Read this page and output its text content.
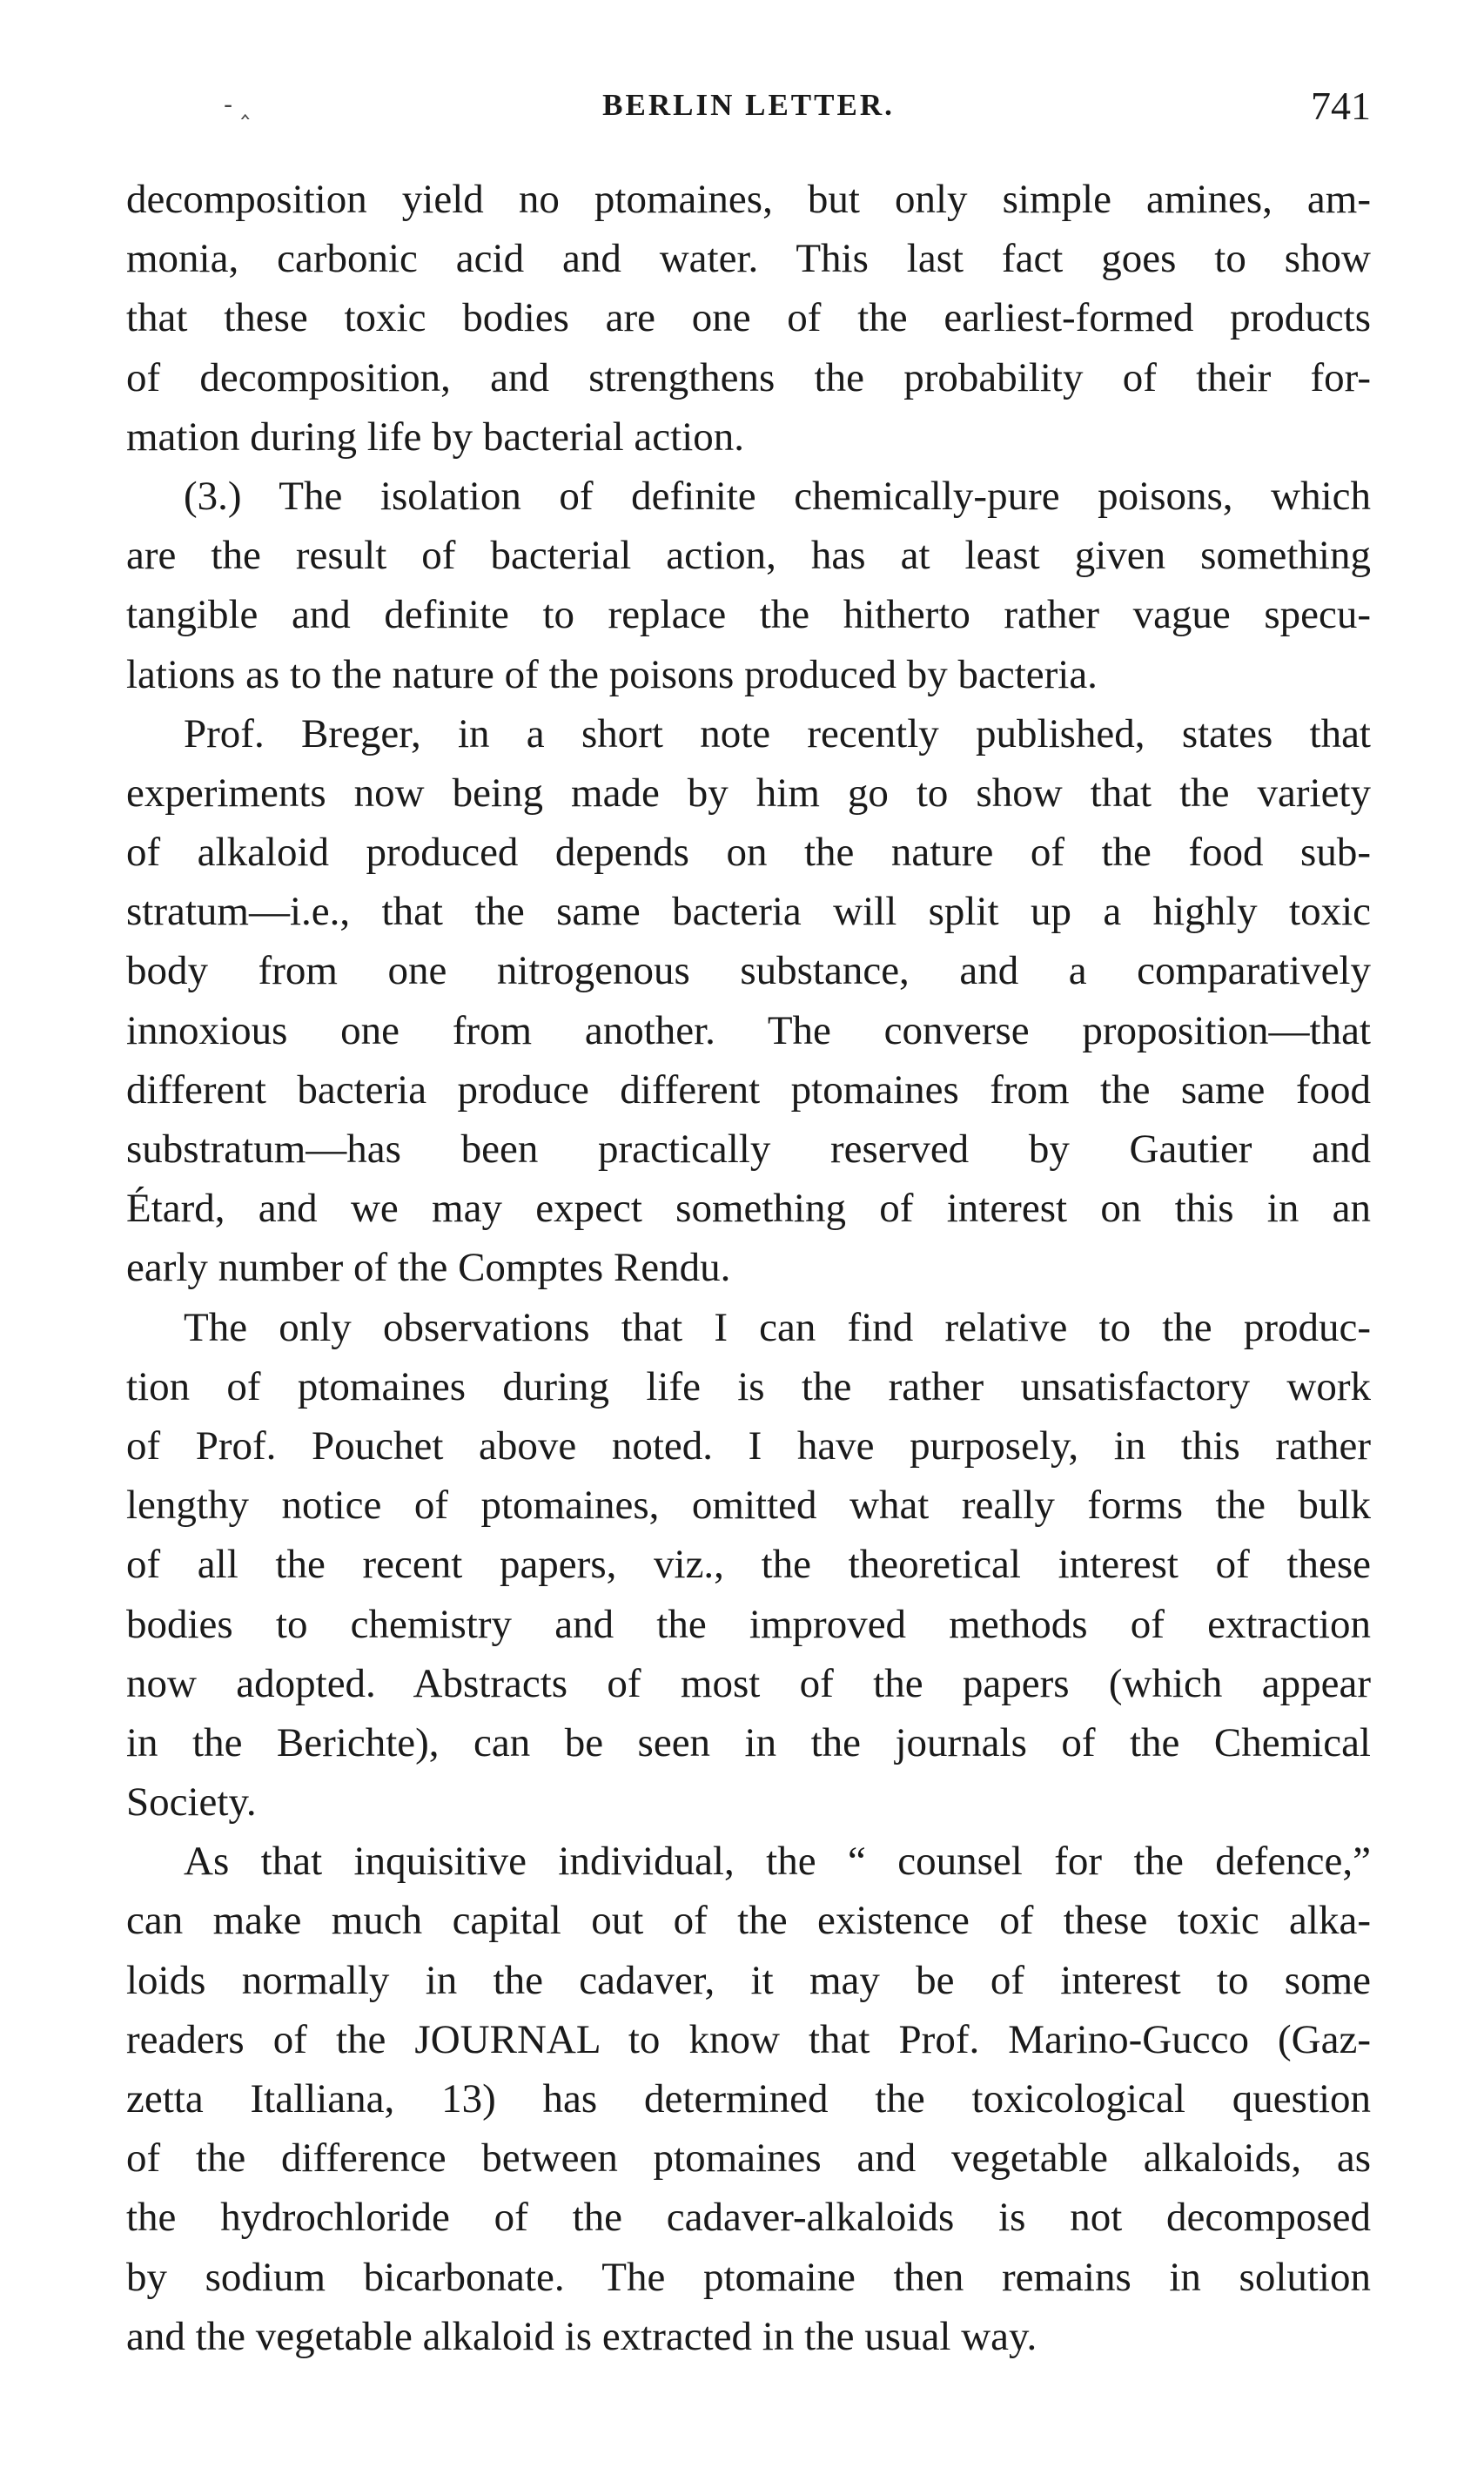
- ‸	BERLIN LETTER.	741
decomposition yield no ptomaines, but only simple amines, am-
monia, carbonic acid and water. This last fact goes to show
that these toxic bodies are one of the earliest-formed products
of decomposition, and strengthens the probability of their for-
mation during life by bacterial action.
(3.) The isolation of definite chemically-pure poisons, which
are the result of bacterial action, has at least given something
tangible and definite to replace the hitherto rather vague specu-
lations as to the nature of the poisons produced by bacteria.
Prof. Breger, in a short note recently published, states that
experiments now being made by him go to show that the variety
of alkaloid produced depends on the nature of the food sub-
stratum—i.e., that the same bacteria will split up a highly toxic
body from one nitrogenous substance, and a comparatively
innoxious one from another. The converse proposition—that
different bacteria produce different ptomaines from the same food
substratum—has been practically reserved by Gautier and
Étard, and we may expect something of interest on this in an
early number of the Comptes Rendu.
The only observations that I can find relative to the produc-
tion of ptomaines during life is the rather unsatisfactory work
of Prof. Pouchet above noted. I have purposely, in this rather
lengthy notice of ptomaines, omitted what really forms the bulk
of all the recent papers, viz., the theoretical interest of these
bodies to chemistry and the improved methods of extraction
now adopted. Abstracts of most of the papers (which appear
in the Berichte), can be seen in the journals of the Chemical
Society.
As that inquisitive individual, the “ counsel for the defence,”
can make much capital out of the existence of these toxic alka-
loids normally in the cadaver, it may be of interest to some
readers of the JOURNAL to know that Prof. Marino-Gucco (Gaz-
zetta Italliana, 13) has determined the toxicological question
of the difference between ptomaines and vegetable alkaloids, as
the hydrochloride of the cadaver-alkaloids is not decomposed
by sodium bicarbonate. The ptomaine then remains in solution
and the vegetable alkaloid is extracted in the usual way.
